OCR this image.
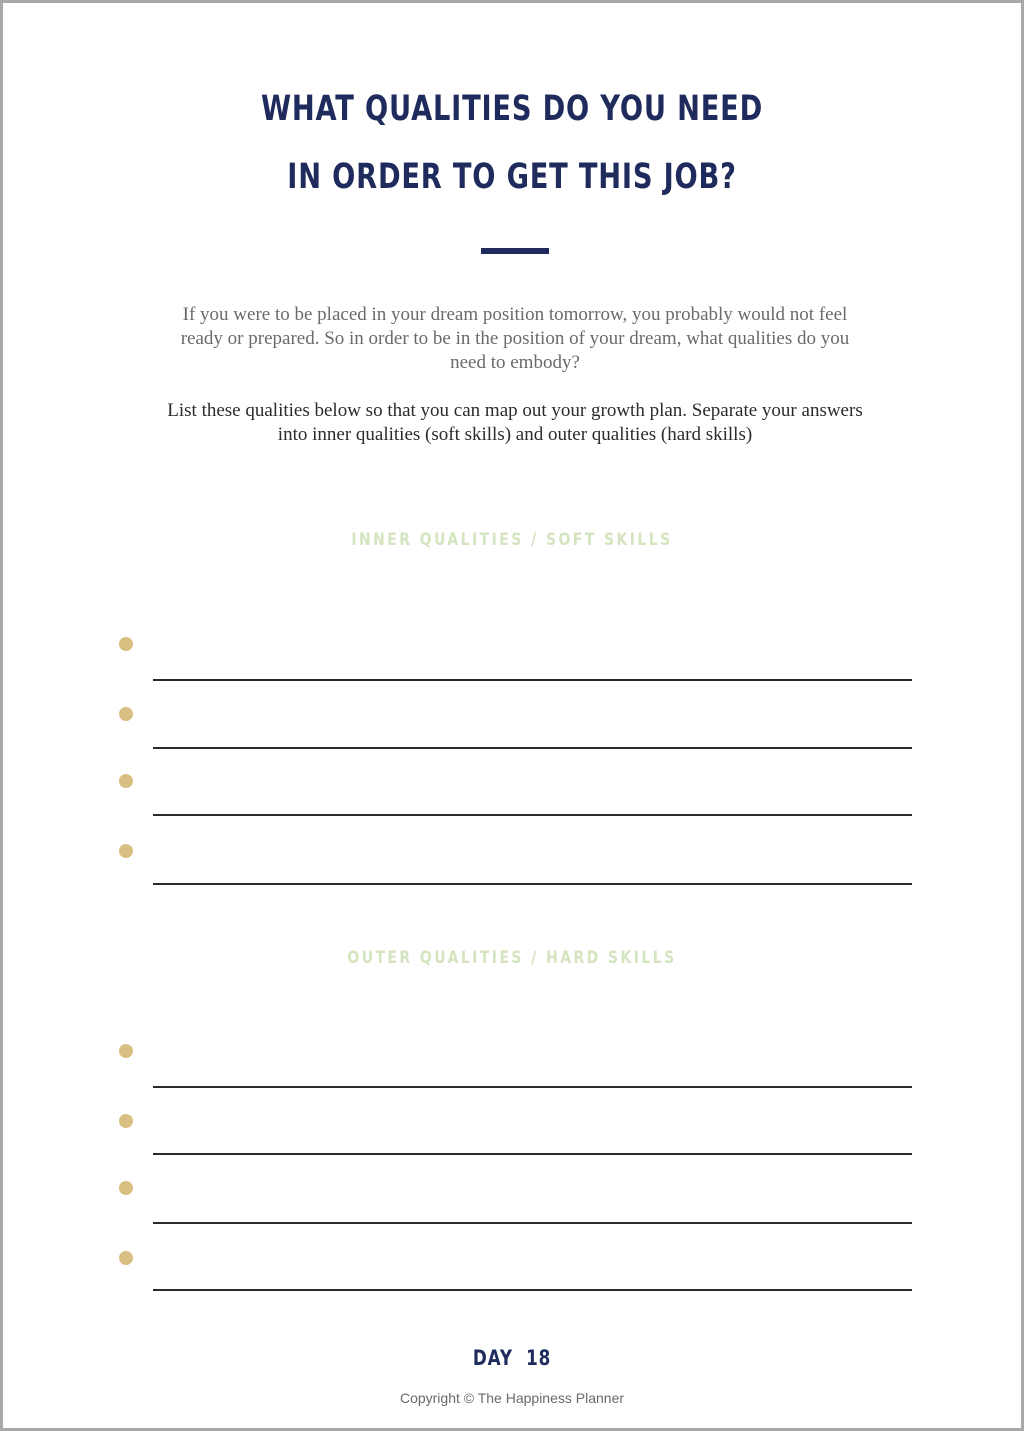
WHAT QUALITIES DO YOU NEED
IN ORDER TO GET THIS JOB?

If you were to be placed in your dream position tomorrow, you probably would not feel ready or prepared. So in order to be in the position of your dream, what qualities do you need to embody?

List these qualities below so that you can map out your growth plan. Separate your answers into inner qualities (soft skills) and outer qualities (hard skills)

INNER QUALITIES / SOFT SKILLS
OUTER QUALITIES / HARD SKILLS
DAY  18
Copyright © The Happiness Planner
